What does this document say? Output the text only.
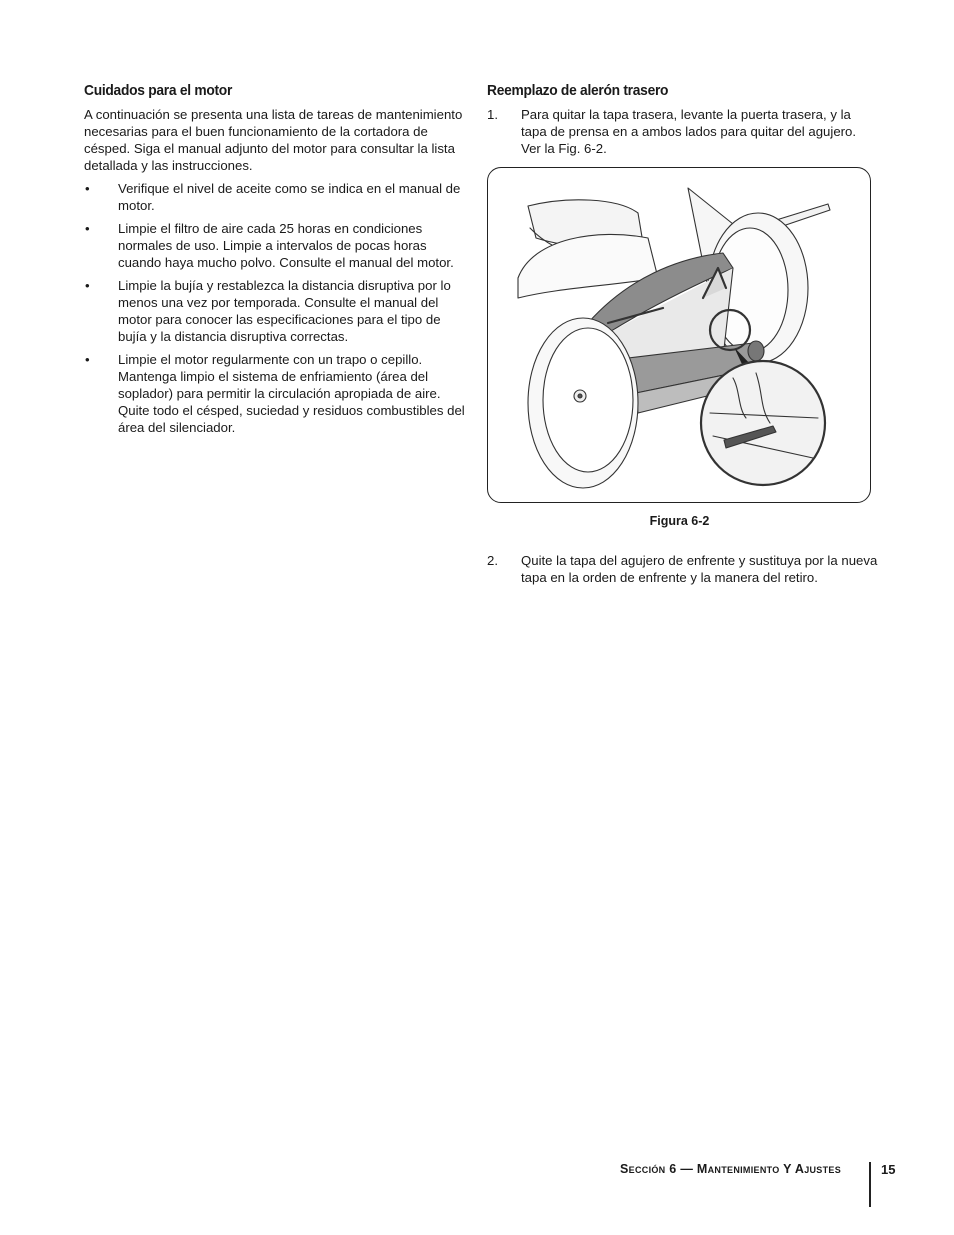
Cuidados para el motor

A continuación se presenta una lista de tareas de mantenimiento necesarias para el buen funcionamiento de la cortadora de césped. Siga el manual adjunto del motor para consultar la lista detallada y las instrucciones.

• Verifique el nivel de aceite como se indica en el manual de motor.
• Limpie el filtro de aire cada 25 horas en condiciones normales de uso. Limpie a intervalos de pocas horas cuando haya mucho polvo. Consulte el manual del motor.
• Limpie la bujía y restablezca la distancia disruptiva por lo menos una vez por temporada. Consulte el manual del motor para conocer las especificaciones para el tipo de bujía y la distancia disruptiva correctas.
• Limpie el motor regularmente con un trapo o cepillo. Mantenga limpio el sistema de enfriamiento (área del soplador) para permitir la circulación apropiada de aire. Quite todo el césped, suciedad y residuos combustibles del área del silenciador.
Reemplazo de alerón trasero
1. Para quitar la tapa trasera, levante la puerta trasera, y la tapa de prensa en a ambos lados para quitar del agujero. Ver la Fig. 6-2.
Figura 6-2
2. Quite la tapa del agujero de enfrente y sustituya por la nueva tapa en la orden de enfrente y la manera del retiro.
Sección 6 — Mantenimiento Y Ajustes	15
